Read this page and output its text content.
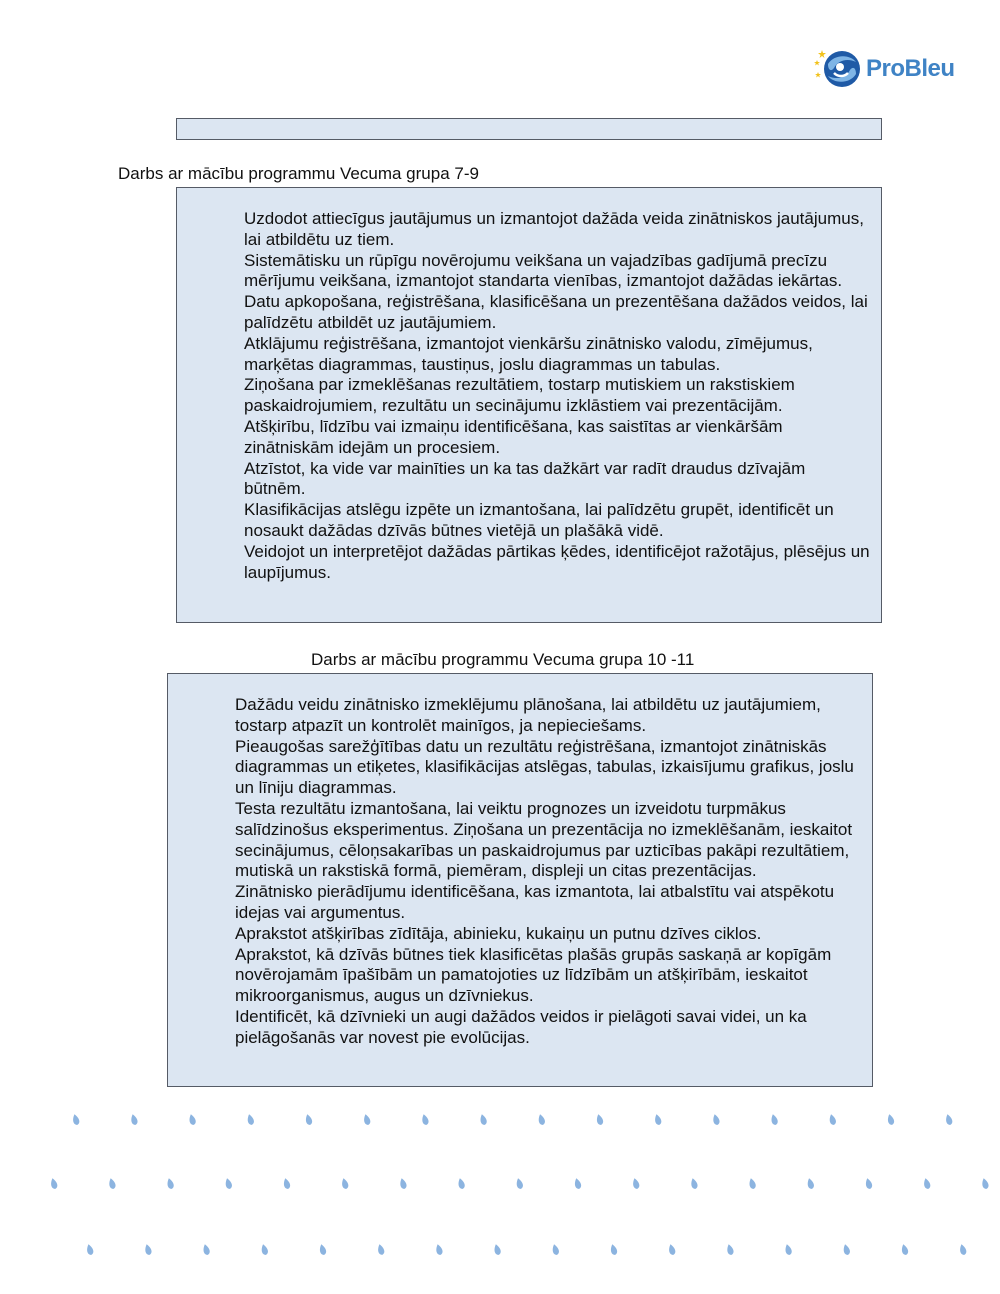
ProBleu
Darbs ar mācību programmu Vecuma grupa 7-9

Uzdodot attiecīgus jautājumus un izmantojot dažāda veida zinātniskos jautājumus, lai atbildētu uz tiem.

Sistemātisku un rūpīgu novērojumu veikšana un vajadzības gadījumā precīzu mērījumu veikšana, izmantojot standarta vienības, izmantojot dažādas iekārtas.

Datu apkopošana, reģistrēšana, klasificēšana un prezentēšana dažādos veidos, lai palīdzētu atbildēt uz jautājumiem.

Atklājumu reģistrēšana, izmantojot vienkāršu zinātnisko valodu, zīmējumus, marķētas diagrammas, taustiņus, joslu diagrammas un tabulas.

Ziņošana par izmeklēšanas rezultātiem, tostarp mutiskiem un rakstiskiem paskaidrojumiem, rezultātu un secinājumu izklāstiem vai prezentācijām.

Atšķirību, līdzību vai izmaiņu identificēšana, kas saistītas ar vienkāršām zinātniskām idejām un procesiem.

Atzīstot, ka vide var mainīties un ka tas dažkārt var radīt draudus dzīvajām būtnēm.

Klasifikācijas atslēgu izpēte un izmantošana, lai palīdzētu grupēt, identificēt un nosaukt dažādas dzīvās būtnes vietējā un plašākā vidē.

Veidojot un interpretējot dažādas pārtikas ķēdes, identificējot ražotājus, plēsējus un laupījumus.

Darbs ar mācību programmu Vecuma grupa 10 -11

Dažādu veidu zinātnisko izmeklējumu plānošana, lai atbildētu uz jautājumiem, tostarp atpazīt un kontrolēt mainīgos, ja nepieciešams.

Pieaugošas sarežģītības datu un rezultātu reģistrēšana, izmantojot zinātniskās diagrammas un etiķetes, klasifikācijas atslēgas, tabulas, izkaisījumu grafikus, joslu un līniju diagrammas.

Testa rezultātu izmantošana, lai veiktu prognozes un izveidotu turpmākus salīdzinošus eksperimentus. Ziņošana un prezentācija no izmeklēšanām, ieskaitot secinājumus, cēloņsakarības un paskaidrojumus par uzticības pakāpi rezultātiem, mutiskā un rakstiskā formā, piemēram, displeji un citas prezentācijas.

Zinātnisko pierādījumu identificēšana, kas izmantota, lai atbalstītu vai atspēkotu idejas vai argumentus.

Aprakstot atšķirības zīdītāja, abinieku, kukaiņu un putnu dzīves ciklos.

Aprakstot, kā dzīvās būtnes tiek klasificētas plašās grupās saskaņā ar kopīgām novērojamām īpašībām un pamatojoties uz līdzībām un atšķirībām, ieskaitot mikroorganismus, augus un dzīvniekus.

Identificēt, kā dzīvnieki un augi dažādos veidos ir pielāgoti savai videi, un ka pielāgošanās var novest pie evolūcijas.
